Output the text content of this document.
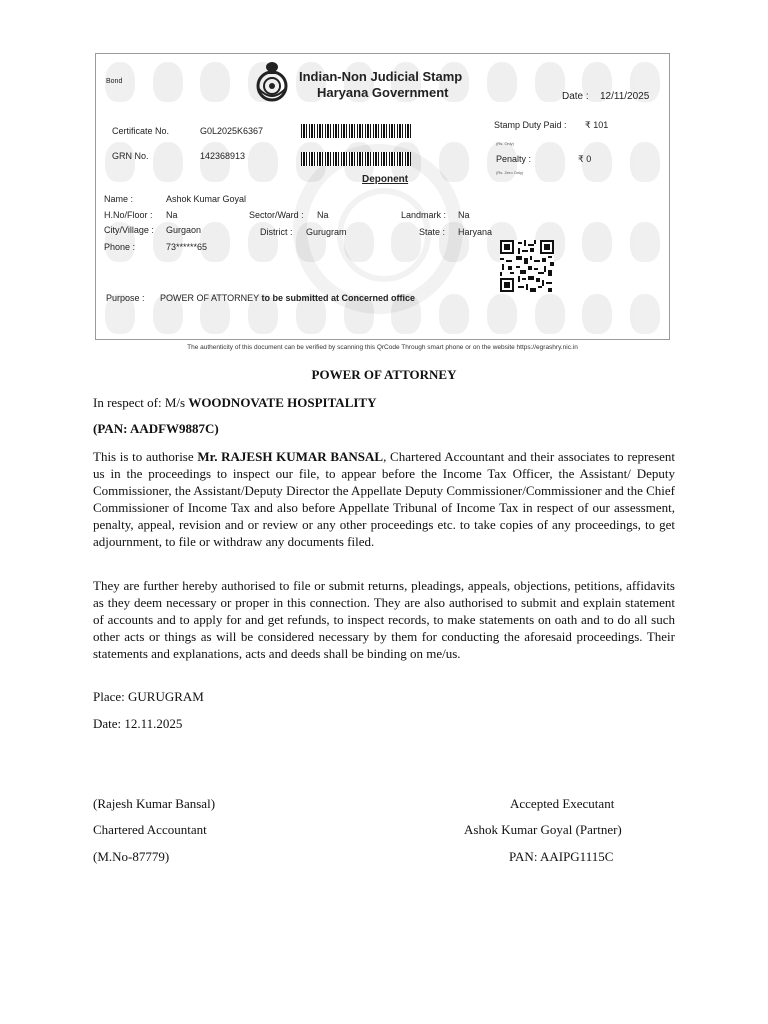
Bond	Indian-Non Judicial Stamp
Haryana Government	Date : 12/11/2025
Certificate No.	G0L2025K6367
GRN No.	142368913
Stamp Duty Paid : ₹ 101
(Rs. Only)
Penalty :	₹ 0
(Rs. Zero Only)
Deponent
Name :	Ashok Kumar Goyal
H.No/Floor : Na	Sector/Ward : Na	Landmark : Na
City/Village : Gurgaon	District : Gurugram	State : Haryana
Phone :	73******65
Purpose : POWER OF ATTORNEY to be submitted at Concerned office
The authenticity of this document can be verified by scanning this QrCode Through smart phone or on the website https://egrashry.nic.in
POWER OF ATTORNEY
In respect of: M/s WOODNOVATE HOSPITALITY
(PAN: AADFW9887C)

This is to authorise Mr. RAJESH KUMAR BANSAL, Chartered Accountant and their associates to represent us in the proceedings to inspect our file, to appear before the Income Tax Officer, the Assistant/ Deputy Commissioner, the Assistant/Deputy Director the Appellate Deputy Commissioner/Commissioner and the Chief Commissioner of Income Tax and also before Appellate Tribunal of Income Tax in respect of our assessment, penalty, appeal, revision and or review or any other proceedings etc. to take copies of any proceedings, to get adjournment, to file or withdraw any documents filed.

They are further hereby authorised to file or submit returns, pleadings, appeals, objections, petitions, affidavits as they deem necessary or proper in this connection. They are also authorised to submit and explain statement of accounts and to apply for and get refunds, to inspect records, to make statements on oath and to do all such other acts or things as will be considered necessary by them for conducting the aforesaid proceedings. Their statements and explanations, acts and deeds shall be binding on me/us.

Place: GURUGRAM
Date: 12.11.2025
(Rajesh Kumar Bansal)
Chartered Accountant
(M.No-87779)
Accepted Executant
Ashok Kumar Goyal (Partner)
PAN: AAIPG1115C
